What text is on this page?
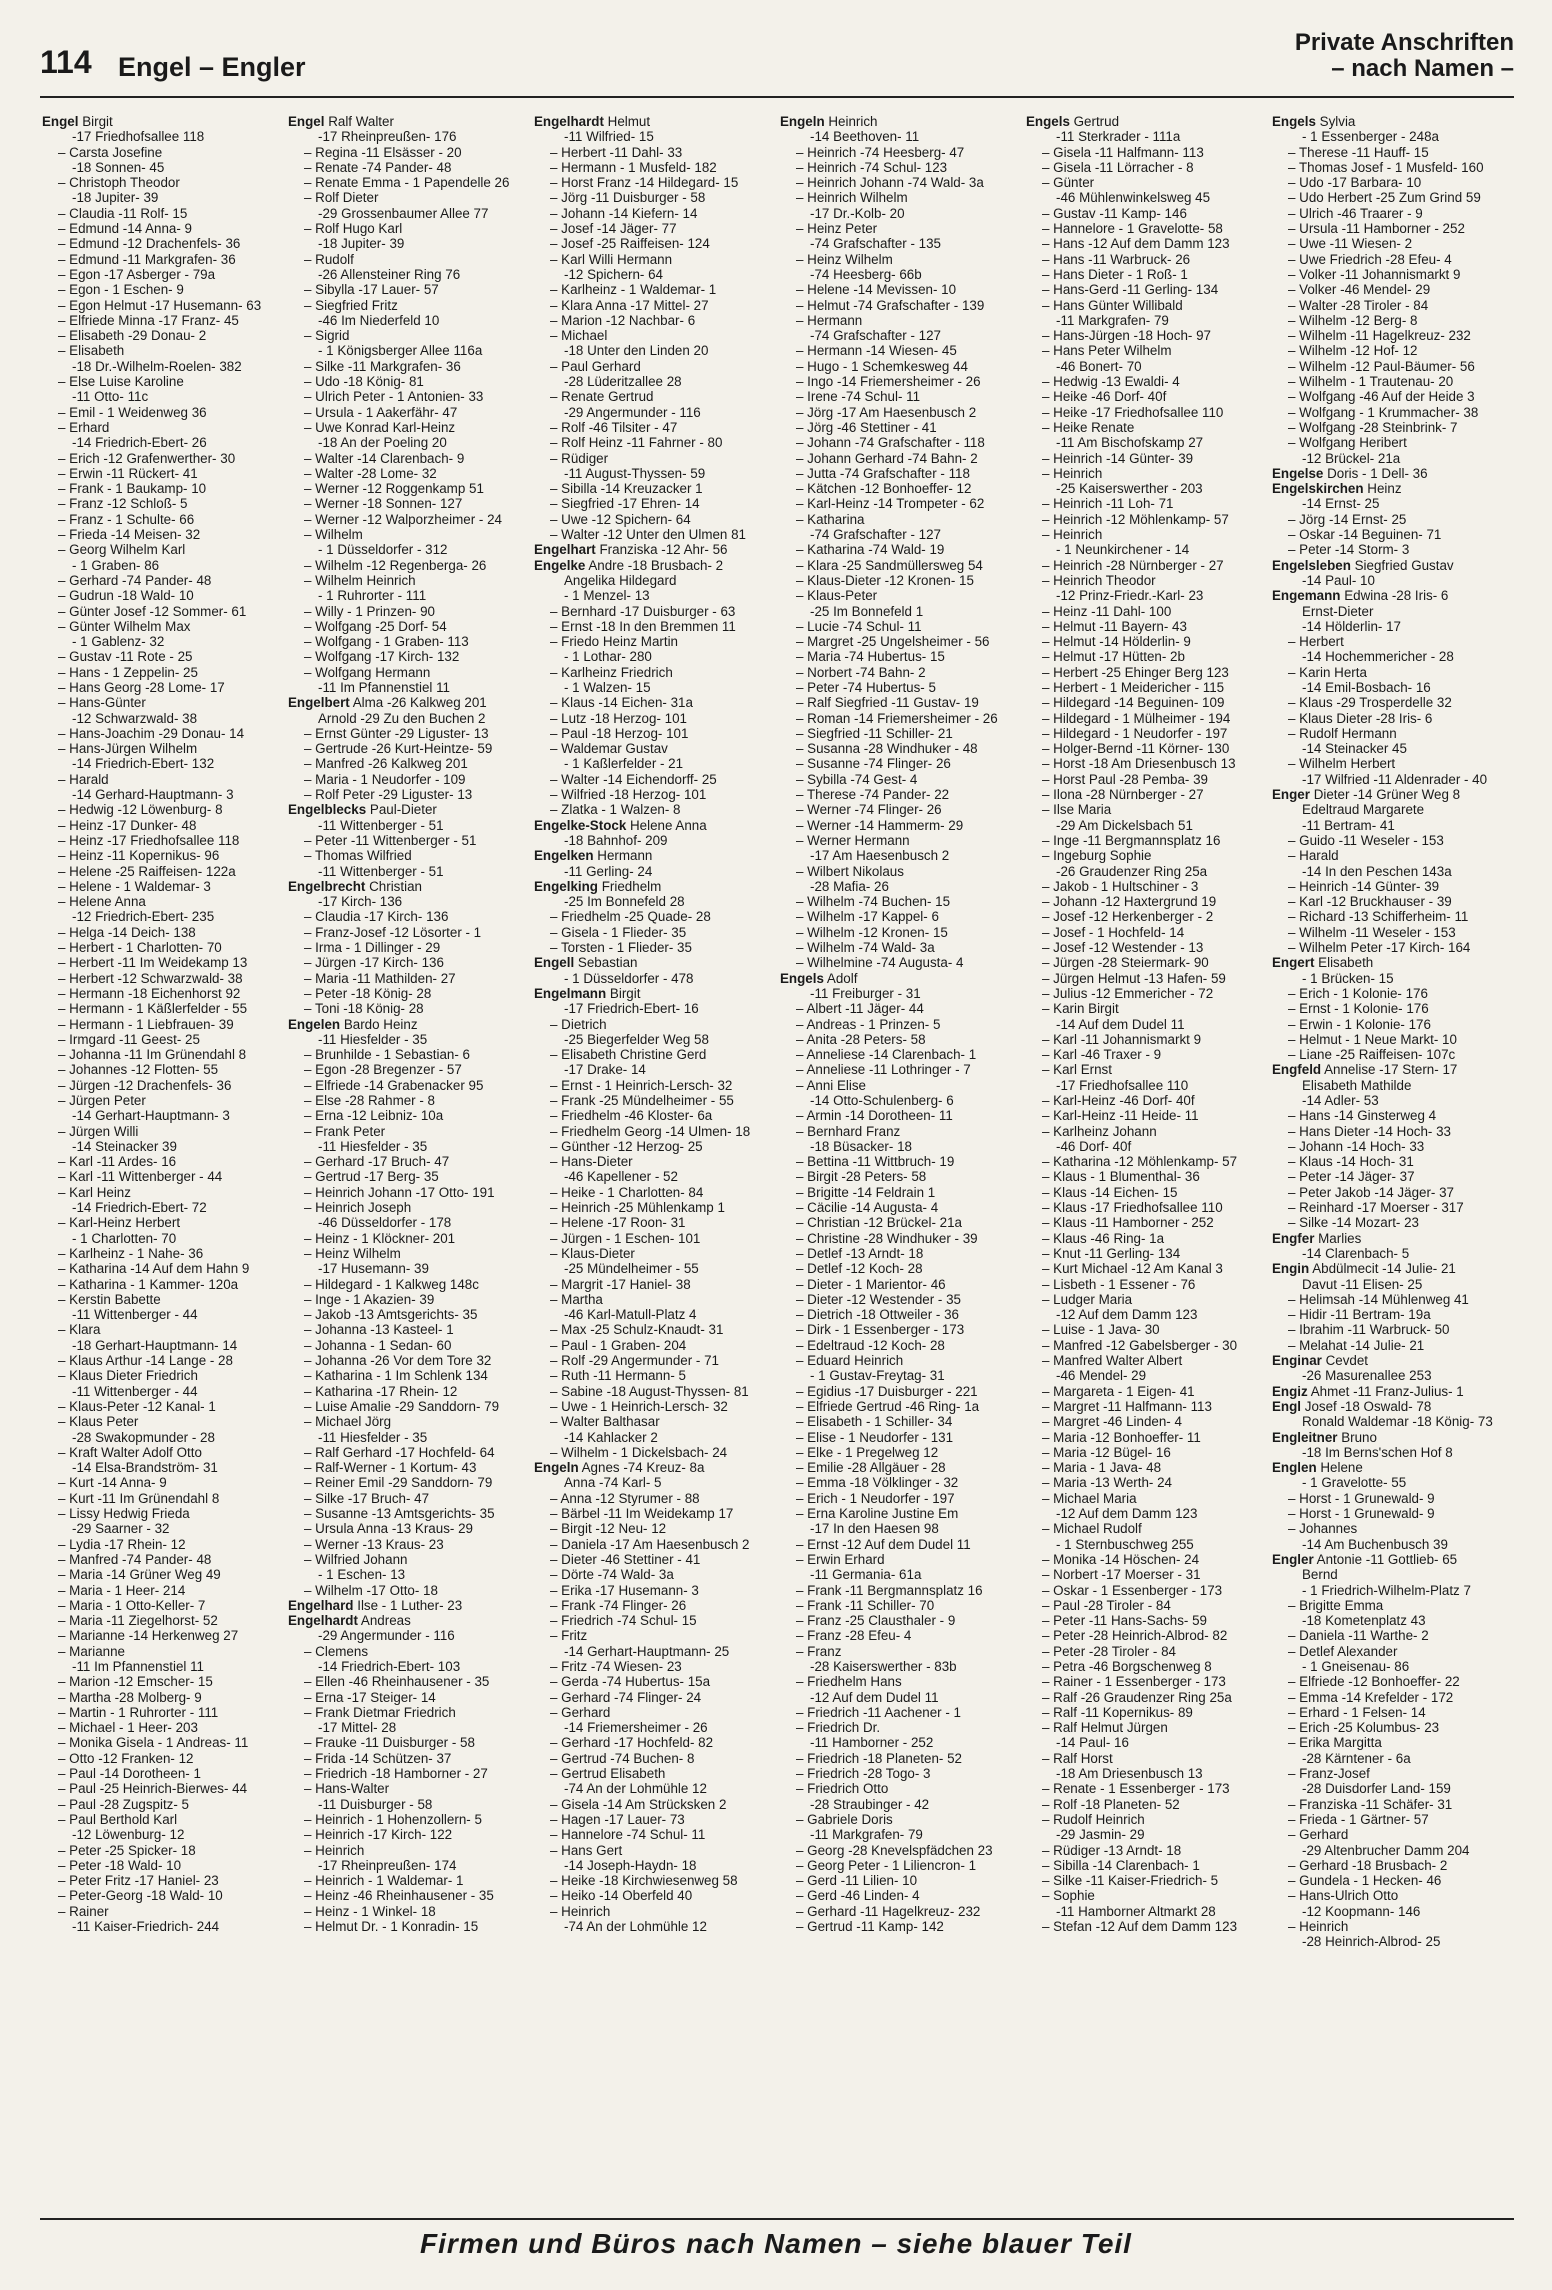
114 Engel – Engler
Private Anschriften
– nach Namen –
Engel Birgit
-17 Friedhofsallee 118
– Carsta Josefine
-18 Sonnen- 45
– Christoph Theodor
-18 Jupiter- 39
– Claudia -11 Rolf- 15
– Edmund -14 Anna- 9
– Edmund -12 Drachenfels- 36
– Edmund -11 Markgrafen- 36
– Egon -17 Asberger - 79a
– Egon - 1 Eschen- 9
– Egon Helmut -17 Husemann- 63
– Elfriede Minna -17 Franz- 45
– Elisabeth -29 Donau- 2
– Elisabeth
-18 Dr.-Wilhelm-Roelen- 382
– Else Luise Karoline
-11 Otto- 11c
– Emil - 1 Weidenweg 36
– Erhard
-14 Friedrich-Ebert- 26
– Erich -12 Grafenwerther- 30
– Erwin -11 Rückert- 41
– Frank - 1 Baukamp- 10
– Franz -12 Schloß- 5
– Franz - 1 Schulte- 66
– Frieda -14 Meisen- 32
– Georg Wilhelm Karl
- 1 Graben- 86
– Gerhard -74 Pander- 48
– Gudrun -18 Wald- 10
– Günter Josef -12 Sommer- 61
– Günter Wilhelm Max
- 1 Gablenz- 32
– Gustav -11 Rote - 25
– Hans - 1 Zeppelin- 25
– Hans Georg -28 Lome- 17
– Hans-Günter
-12 Schwarzwald- 38
– Hans-Joachim -29 Donau- 14
– Hans-Jürgen Wilhelm
-14 Friedrich-Ebert- 132
– Harald
-14 Gerhard-Hauptmann- 3
– Hedwig -12 Löwenburg- 8
– Heinz -17 Dunker- 48
– Heinz -17 Friedhofsallee 118
– Heinz -11 Kopernikus- 96
– Helene -25 Raiffeisen- 122a
– Helene - 1 Waldemar- 3
– Helene Anna
-12 Friedrich-Ebert- 235
– Helga -14 Deich- 138
– Herbert - 1 Charlotten- 70
– Herbert -11 Im Weidekamp 13
– Herbert -12 Schwarzwald- 38
– Hermann -18 Eichenhorst 92
– Hermann - 1 Käßlerfelder - 55
– Hermann - 1 Liebfrauen- 39
– Irmgard -11 Geest- 25
– Johanna -11 Im Grünendahl 8
– Johannes -12 Flotten- 55
– Jürgen -12 Drachenfels- 36
– Jürgen Peter
-14 Gerhart-Hauptmann- 3
– Jürgen Willi
-14 Steinacker 39
– Karl -11 Ardes- 16
– Karl -11 Wittenberger - 44
– Karl Heinz
-14 Friedrich-Ebert- 72
– Karl-Heinz Herbert
- 1 Charlotten- 70
– Karlheinz - 1 Nahe- 36
– Katharina -14 Auf dem Hahn 9
– Katharina - 1 Kammer- 120a
– Kerstin Babette
-11 Wittenberger - 44
– Klara
-18 Gerhart-Hauptmann- 14
– Klaus Arthur -14 Lange - 28
– Klaus Dieter Friedrich
-11 Wittenberger - 44
– Klaus-Peter -12 Kanal- 1
– Klaus Peter
-28 Swakopmunder - 28
– Kraft Walter Adolf Otto
-14 Elsa-Brandström- 31
– Kurt -14 Anna- 9
– Kurt -11 Im Grünendahl 8
– Lissy Hedwig Frieda
-29 Saarner - 32
– Lydia -17 Rhein- 12
– Manfred -74 Pander- 48
– Maria -14 Grüner Weg 49
– Maria - 1 Heer- 214
– Maria - 1 Otto-Keller- 7
– Maria -11 Ziegelhorst- 52
– Marianne -14 Herkenweg 27
– Marianne
-11 Im Pfannenstiel 11
– Marion -12 Emscher- 15
– Martha -28 Molberg- 9
– Martin - 1 Ruhrorter - 111
– Michael - 1 Heer- 203
– Monika Gisela - 1 Andreas- 11
– Otto -12 Franken- 12
– Paul -14 Dorotheen- 1
– Paul -25 Heinrich-Bierwes- 44
– Paul -28 Zugspitz- 5
– Paul Berthold Karl
-12 Löwenburg- 12
– Peter -25 Spicker- 18
– Peter -18 Wald- 10
– Peter Fritz -17 Haniel- 23
– Peter-Georg -18 Wald- 10
– Rainer
-11 Kaiser-Friedrich- 244
Engel Ralf Walter
-17 Rheinpreußen- 176
– Regina -11 Elsässer - 20
– Renate -74 Pander- 48
– Renate Emma - 1 Papendelle 26
– Rolf Dieter
-29 Grossenbaumer Allee 77
– Rolf Hugo Karl
-18 Jupiter- 39
– Rudolf
-26 Allensteiner Ring 76
– Sibylla -17 Lauer- 57
– Siegfried Fritz
-46 Im Niederfeld 10
– Sigrid
- 1 Königsberger Allee 116a
– Silke -11 Markgrafen- 36
– Udo -18 König- 81
– Ulrich Peter - 1 Antonien- 33
– Ursula - 1 Aakerfähr- 47
– Uwe Konrad Karl-Heinz
-18 An der Poeling 20
– Walter -14 Clarenbach- 9
– Walter -28 Lome- 32
– Werner -12 Roggenkamp 51
– Werner -18 Sonnen- 127
– Werner -12 Walporzheimer - 24
– Wilhelm
- 1 Düsseldorfer - 312
– Wilhelm -12 Regenberga- 26
– Wilhelm Heinrich
- 1 Ruhrorter - 111
– Willy - 1 Prinzen- 90
– Wolfgang -25 Dorf- 54
– Wolfgang - 1 Graben- 113
– Wolfgang -17 Kirch- 132
– Wolfgang Hermann
-11 Im Pfannenstiel 11
Engelbert Alma -26 Kalkweg 201
Arnold -29 Zu den Buchen 2
– Ernst Günter -29 Liguster- 13
– Gertrude -26 Kurt-Heintze- 59
– Manfred -26 Kalkweg 201
– Maria - 1 Neudorfer - 109
– Rolf Peter -29 Liguster- 13
Engelblecks Paul-Dieter
-11 Wittenberger - 51
– Peter -11 Wittenberger - 51
– Thomas Wilfried
-11 Wittenberger - 51
Engelbrecht Christian
-17 Kirch- 136
– Claudia -17 Kirch- 136
– Franz-Josef -12 Lösorter - 1
– Irma - 1 Dillinger - 29
– Jürgen -17 Kirch- 136
– Maria -11 Mathilden- 27
– Peter -18 König- 28
– Toni -18 König- 28
Engelen Bardo Heinz
-11 Hiesfelder - 35
– Brunhilde - 1 Sebastian- 6
– Egon -28 Bregenzer - 57
– Elfriede -14 Grabenacker 95
– Else -28 Rahmer - 8
– Erna -12 Leibniz- 10a
– Frank Peter
-11 Hiesfelder - 35
– Gerhard -17 Bruch- 47
– Gertrud -17 Berg- 35
– Heinrich Johann -17 Otto- 191
– Heinrich Joseph
-46 Düsseldorfer - 178
– Heinz - 1 Klöckner- 201
– Heinz Wilhelm
-17 Husemann- 39
– Hildegard - 1 Kalkweg 148c
– Inge - 1 Akazien- 39
– Jakob -13 Amtsgerichts- 35
– Johanna -13 Kasteel- 1
– Johanna - 1 Sedan- 60
– Johanna -26 Vor dem Tore 32
– Katharina - 1 Im Schlenk 134
– Katharina -17 Rhein- 12
– Luise Amalie -29 Sanddorn- 79
– Michael Jörg
-11 Hiesfelder - 35
– Ralf Gerhard -17 Hochfeld- 64
– Ralf-Werner - 1 Kortum- 43
– Reiner Emil -29 Sanddorn- 79
– Silke -17 Bruch- 47
– Susanne -13 Amtsgerichts- 35
– Ursula Anna -13 Kraus- 29
– Werner -13 Kraus- 23
– Wilfried Johann
- 1 Eschen- 13
– Wilhelm -17 Otto- 18
Engelhard Ilse - 1 Luther- 23
Engelhardt Andreas
-29 Angermunder - 116
– Clemens
-14 Friedrich-Ebert- 103
– Ellen -46 Rheinhausener - 35
– Erna -17 Steiger- 14
– Frank Dietmar Friedrich
-17 Mittel- 28
– Frauke -11 Duisburger - 58
– Frida -14 Schützen- 37
– Friedrich -18 Hamborner - 27
– Hans-Walter
-11 Duisburger - 58
– Heinrich - 1 Hohenzollern- 5
– Heinrich -17 Kirch- 122
– Heinrich
-17 Rheinpreußen- 174
– Heinrich - 1 Waldemar- 1
– Heinz -46 Rheinhausener - 35
– Heinz - 1 Winkel- 18
– Helmut Dr. - 1 Konradin- 15
Engelhardt Helmut
-11 Wilfried- 15
– Herbert -11 Dahl- 33
– Hermann - 1 Musfeld- 182
– Horst Franz -14 Hildegard- 15
– Jörg -11 Duisburger - 58
– Johann -14 Kiefern- 14
– Josef -14 Jäger- 77
– Josef -25 Raiffeisen- 124
– Karl Willi Hermann
-12 Spichern- 64
– Karlheinz - 1 Waldemar- 1
– Klara Anna -17 Mittel- 27
– Marion -12 Nachbar- 6
– Michael
-18 Unter den Linden 20
– Paul Gerhard
-28 Lüderitzallee 28
– Renate Gertrud
-29 Angermunder - 116
– Rolf -46 Tilsiter - 47
– Rolf Heinz -11 Fahrner - 80
– Rüdiger
-11 August-Thyssen- 59
– Sibilla -14 Kreuzacker 1
– Siegfried -17 Ehren- 14
– Uwe -12 Spichern- 64
– Walter -12 Unter den Ulmen 81
Engelhart Franziska -12 Ahr- 56
Engelke Andre -18 Brusbach- 2
Angelika Hildegard
- 1 Menzel- 13
– Bernhard -17 Duisburger - 63
– Ernst -18 In den Bremmen 11
– Friedo Heinz Martin
- 1 Lothar- 280
– Karlheinz Friedrich
- 1 Walzen- 15
– Klaus -14 Eichen- 31a
– Lutz -18 Herzog- 101
– Paul -18 Herzog- 101
– Waldemar Gustav
- 1 Kaßlerfelder - 21
– Walter -14 Eichendorff- 25
– Wilfried -18 Herzog- 101
– Zlatka - 1 Walzen- 8
Engelke-Stock Helene Anna
-18 Bahnhof- 209
Engelken Hermann
-11 Gerling- 24
Engelking Friedhelm
-25 Im Bonnefeld 28
– Friedhelm -25 Quade- 28
– Gisela - 1 Flieder- 35
– Torsten - 1 Flieder- 35
Engell Sebastian
- 1 Düsseldorfer - 478
Engelmann Birgit
-17 Friedrich-Ebert- 16
– Dietrich
-25 Biegerfelder Weg 58
– Elisabeth Christine Gerd
-17 Drake- 14
– Ernst - 1 Heinrich-Lersch- 32
– Frank -25 Mündelheimer - 55
– Friedhelm -46 Kloster- 6a
– Friedhelm Georg -14 Ulmen- 18
– Günther -12 Herzog- 25
– Hans-Dieter
-46 Kapellener - 52
– Heike - 1 Charlotten- 84
– Heinrich -25 Mühlenkamp 1
– Helene -17 Roon- 31
– Jürgen - 1 Eschen- 101
– Klaus-Dieter
-25 Mündelheimer - 55
– Margrit -17 Haniel- 38
– Martha
-46 Karl-Matull-Platz 4
– Max -25 Schulz-Knaudt- 31
– Paul - 1 Graben- 204
– Rolf -29 Angermunder - 71
– Ruth -11 Hermann- 5
– Sabine -18 August-Thyssen- 81
– Uwe - 1 Heinrich-Lersch- 32
– Walter Balthasar
-14 Kahlacker 2
– Wilhelm - 1 Dickelsbach- 24
Engeln Agnes -74 Kreuz- 8a
Anna -74 Karl- 5
– Anna -12 Styrumer - 88
– Bärbel -11 Im Weidekamp 17
– Birgit -12 Neu- 12
– Daniela -17 Am Haesenbusch 2
– Dieter -46 Stettiner - 41
– Dörte -74 Wald- 3a
– Erika -17 Husemann- 3
– Frank -74 Flinger- 26
– Friedrich -74 Schul- 15
– Fritz
-14 Gerhart-Hauptmann- 25
– Fritz -74 Wiesen- 23
– Gerda -74 Hubertus- 15a
– Gerhard -74 Flinger- 24
– Gerhard
-14 Friemersheimer - 26
– Gerhard -17 Hochfeld- 82
– Gertrud -74 Buchen- 8
– Gertrud Elisabeth
-74 An der Lohmühle 12
– Gisela -14 Am Strücksken 2
– Hagen -17 Lauer- 73
– Hannelore -74 Schul- 11
– Hans Gert
-14 Joseph-Haydn- 18
– Heike -18 Kirchwiesenweg 58
– Heiko -14 Oberfeld 40
– Heinrich
-74 An der Lohmühle 12
Engeln Heinrich
-14 Beethoven- 11
– Heinrich -74 Heesberg- 47
– Heinrich -74 Schul- 123
– Heinrich Johann -74 Wald- 3a
– Heinrich Wilhelm
-17 Dr.-Kolb- 20
– Heinz Peter
-74 Grafschafter - 135
– Heinz Wilhelm
-74 Heesberg- 66b
– Helene -14 Mevissen- 10
– Helmut -74 Grafschafter - 139
– Hermann
-74 Grafschafter - 127
– Hermann -14 Wiesen- 45
– Hugo - 1 Schemkesweg 44
– Ingo -14 Friemersheimer - 26
– Irene -74 Schul- 11
– Jörg -17 Am Haesenbusch 2
– Jörg -46 Stettiner - 41
– Johann -74 Grafschafter - 118
– Johann Gerhard -74 Bahn- 2
– Jutta -74 Grafschafter - 118
– Kätchen -12 Bonhoeffer- 12
– Karl-Heinz -14 Trompeter - 62
– Katharina
-74 Grafschafter - 127
– Katharina -74 Wald- 19
– Klara -25 Sandmüllersweg 54
– Klaus-Dieter -12 Kronen- 15
– Klaus-Peter
-25 Im Bonnefeld 1
– Lucie -74 Schul- 11
– Margret -25 Ungelsheimer - 56
– Maria -74 Hubertus- 15
– Norbert -74 Bahn- 2
– Peter -74 Hubertus- 5
– Ralf Siegfried -11 Gustav- 19
– Roman -14 Friemersheimer - 26
– Siegfried -11 Schiller- 21
– Susanna -28 Windhuker - 48
– Susanne -74 Flinger- 26
– Sybilla -74 Gest- 4
– Therese -74 Pander- 22
– Werner -74 Flinger- 26
– Werner -14 Hammerm- 29
– Werner Hermann
-17 Am Haesenbusch 2
– Wilbert Nikolaus
-28 Mafia- 26
– Wilhelm -74 Buchen- 15
– Wilhelm -17 Kappel- 6
– Wilhelm -12 Kronen- 15
– Wilhelm -74 Wald- 3a
– Wilhelmine -74 Augusta- 4
Engels Adolf
-11 Freiburger - 31
– Albert -11 Jäger- 44
– Andreas - 1 Prinzen- 5
– Anita -28 Peters- 58
– Anneliese -14 Clarenbach- 1
– Anneliese -11 Lothringer - 7
– Anni Elise
-14 Otto-Schulenberg- 6
– Armin -14 Dorotheen- 11
– Bernhard Franz
-18 Büsacker- 18
– Bettina -11 Wittbruch- 19
– Birgit -28 Peters- 58
– Brigitte -14 Feldrain 1
– Cäcilie -14 Augusta- 4
– Christian -12 Brückel- 21a
– Christine -28 Windhuker - 39
– Detlef -13 Arndt- 18
– Detlef -12 Koch- 28
– Dieter - 1 Marientor- 46
– Dieter -12 Westender - 35
– Dietrich -18 Ottweiler - 36
– Dirk - 1 Essenberger - 173
– Edeltraud -12 Koch- 28
– Eduard Heinrich
- 1 Gustav-Freytag- 31
– Egidius -17 Duisburger - 221
– Elfriede Gertrud -46 Ring- 1a
– Elisabeth - 1 Schiller- 34
– Elise - 1 Neudorfer - 131
– Elke - 1 Pregelweg 12
– Emilie -28 Allgäuer - 28
– Emma -18 Völklinger - 32
– Erich - 1 Neudorfer - 197
– Erna Karoline Justine Em
-17 In den Haesen 98
– Ernst -12 Auf dem Dudel 11
– Erwin Erhard
-11 Germania- 61a
– Frank -11 Bergmannsplatz 16
– Frank -11 Schiller- 70
– Franz -25 Clausthaler - 9
– Franz -28 Efeu- 4
– Franz
-28 Kaiserswerther - 83b
– Friedhelm Hans
-12 Auf dem Dudel 11
– Friedrich -11 Aachener - 1
– Friedrich Dr.
-11 Hamborner - 252
– Friedrich -18 Planeten- 52
– Friedrich -28 Togo- 3
– Friedrich Otto
-28 Straubinger - 42
– Gabriele Doris
-11 Markgrafen- 79
– Georg -28 Knevelspfädchen 23
– Georg Peter - 1 Liliencron- 1
– Gerd -11 Lilien- 10
– Gerd -46 Linden- 4
– Gerhard -11 Hagelkreuz- 232
– Gertrud -11 Kamp- 142
Engels Gertrud
-11 Sterkrader - 111a
– Gisela -11 Halfmann- 113
– Gisela -11 Lörracher - 8
– Günter
-46 Mühlenwinkelsweg 45
– Gustav -11 Kamp- 146
– Hannelore - 1 Gravelotte- 58
– Hans -12 Auf dem Damm 123
– Hans -11 Warbruck- 26
– Hans Dieter - 1 Roß- 1
– Hans-Gerd -11 Gerling- 134
– Hans Günter Willibald
-11 Markgrafen- 79
– Hans-Jürgen -18 Hoch- 97
– Hans Peter Wilhelm
-46 Bonert- 70
– Hedwig -13 Ewaldi- 4
– Heike -46 Dorf- 40f
– Heike -17 Friedhofsallee 110
– Heike Renate
-11 Am Bischofskamp 27
– Heinrich -14 Günter- 39
– Heinrich
-25 Kaiserswerther - 203
– Heinrich -11 Loh- 71
– Heinrich -12 Möhlenkamp- 57
– Heinrich
- 1 Neunkirchener - 14
– Heinrich -28 Nürnberger - 27
– Heinrich Theodor
-12 Prinz-Friedr.-Karl- 23
– Heinz -11 Dahl- 100
– Helmut -11 Bayern- 43
– Helmut -14 Hölderlin- 9
– Helmut -17 Hütten- 2b
– Herbert -25 Ehinger Berg 123
– Herbert - 1 Meidericher - 115
– Hildegard -14 Beguinen- 109
– Hildegard - 1 Mülheimer - 194
– Hildegard - 1 Neudorfer - 197
– Holger-Bernd -11 Körner- 130
– Horst -18 Am Driesenbusch 13
– Horst Paul -28 Pemba- 39
– Ilona -28 Nürnberger - 27
– Ilse Maria
-29 Am Dickelsbach 51
– Inge -11 Bergmannsplatz 16
– Ingeburg Sophie
-26 Graudenzer Ring 25a
– Jakob - 1 Hultschiner - 3
– Johann -12 Haxtergrund 19
– Josef -12 Herkenberger - 2
– Josef - 1 Hochfeld- 14
– Josef -12 Westender - 13
– Jürgen -28 Steiermark- 90
– Jürgen Helmut -13 Hafen- 59
– Julius -12 Emmericher - 72
– Karin Birgit
-14 Auf dem Dudel 11
– Karl -11 Johannismarkt 9
– Karl -46 Traxer - 9
– Karl Ernst
-17 Friedhofsallee 110
– Karl-Heinz -46 Dorf- 40f
– Karl-Heinz -11 Heide- 11
– Karlheinz Johann
-46 Dorf- 40f
– Katharina -12 Möhlenkamp- 57
– Klaus - 1 Blumenthal- 36
– Klaus -14 Eichen- 15
– Klaus -17 Friedhofsallee 110
– Klaus -11 Hamborner - 252
– Klaus -46 Ring- 1a
– Knut -11 Gerling- 134
– Kurt Michael -12 Am Kanal 3
– Lisbeth - 1 Essener - 76
– Ludger Maria
-12 Auf dem Damm 123
– Luise - 1 Java- 30
– Manfred -12 Gabelsberger - 30
– Manfred Walter Albert
-46 Mendel- 29
– Margareta - 1 Eigen- 41
– Margret -11 Halfmann- 113
– Margret -46 Linden- 4
– Maria -12 Bonhoeffer- 11
– Maria -12 Bügel- 16
– Maria - 1 Java- 48
– Maria -13 Werth- 24
– Michael Maria
-12 Auf dem Damm 123
– Michael Rudolf
- 1 Sternbuschweg 255
– Monika -14 Höschen- 24
– Norbert -17 Moerser - 31
– Oskar - 1 Essenberger - 173
– Paul -28 Tiroler - 84
– Peter -11 Hans-Sachs- 59
– Peter -28 Heinrich-Albrod- 82
– Peter -28 Tiroler - 84
– Petra -46 Borgschenweg 8
– Rainer - 1 Essenberger - 173
– Ralf -26 Graudenzer Ring 25a
– Ralf -11 Kopernikus- 89
– Ralf Helmut Jürgen
-14 Paul- 16
– Ralf Horst
-18 Am Driesenbusch 13
– Renate - 1 Essenberger - 173
– Rolf -18 Planeten- 52
– Rudolf Heinrich
-29 Jasmin- 29
– Rüdiger -13 Arndt- 18
– Sibilla -14 Clarenbach- 1
– Silke -11 Kaiser-Friedrich- 5
– Sophie
-11 Hamborner Altmarkt 28
– Stefan -12 Auf dem Damm 123
Engels Sylvia
- 1 Essenberger - 248a
– Therese -11 Hauff- 15
– Thomas Josef - 1 Musfeld- 160
– Udo -17 Barbara- 10
– Udo Herbert -25 Zum Grind 59
– Ulrich -46 Traarer - 9
– Ursula -11 Hamborner - 252
– Uwe -11 Wiesen- 2
– Uwe Friedrich -28 Efeu- 4
– Volker -11 Johannismarkt 9
– Volker -46 Mendel- 29
– Walter -28 Tiroler - 84
– Wilhelm -12 Berg- 8
– Wilhelm -11 Hagelkreuz- 232
– Wilhelm -12 Hof- 12
– Wilhelm -12 Paul-Bäumer- 56
– Wilhelm - 1 Trautenau- 20
– Wolfgang -46 Auf der Heide 3
– Wolfgang - 1 Krummacher- 38
– Wolfgang -28 Steinbrink- 7
– Wolfgang Heribert
-12 Brückel- 21a
Engelse Doris - 1 Dell- 36
Engelskirchen Heinz
-14 Ernst- 25
– Jörg -14 Ernst- 25
– Oskar -14 Beguinen- 71
– Peter -14 Storm- 3
Engelsleben Siegfried Gustav
-14 Paul- 10
Engemann Edwina -28 Iris- 6
Ernst-Dieter
-14 Hölderlin- 17
– Herbert
-14 Hochemmericher - 28
– Karin Herta
-14 Emil-Bosbach- 16
– Klaus -29 Trosperdelle 32
– Klaus Dieter -28 Iris- 6
– Rudolf Hermann
-14 Steinacker 45
– Wilhelm Herbert
-17 Wilfried -11 Aldenrader - 40
Enger Dieter -14 Grüner Weg 8
Edeltraud Margarete
-11 Bertram- 41
– Guido -11 Weseler - 153
– Harald
-14 In den Peschen 143a
– Heinrich -14 Günter- 39
– Karl -12 Bruckhauser - 39
– Richard -13 Schifferheim- 11
– Wilhelm -11 Weseler - 153
– Wilhelm Peter -17 Kirch- 164
Engert Elisabeth
- 1 Brücken- 15
– Erich - 1 Kolonie- 176
– Ernst - 1 Kolonie- 176
– Erwin - 1 Kolonie- 176
– Helmut - 1 Neue Markt- 10
– Liane -25 Raiffeisen- 107c
Engfeld Annelise -17 Stern- 17
Elisabeth Mathilde
-14 Adler- 53
– Hans -14 Ginsterweg 4
– Hans Dieter -14 Hoch- 33
– Johann -14 Hoch- 33
– Klaus -14 Hoch- 31
– Peter -14 Jäger- 37
– Peter Jakob -14 Jäger- 37
– Reinhard -17 Moerser - 317
– Silke -14 Mozart- 23
Engfer Marlies
-14 Clarenbach- 5
Engin Abdülmecit -14 Julie- 21
Davut -11 Elisen- 25
– Helimsah -14 Mühlenweg 41
– Hidir -11 Bertram- 19a
– Ibrahim -11 Warbruck- 50
– Melahat -14 Julie- 21
Enginar Cevdet
-26 Masurenallee 253
Engiz Ahmet -11 Franz-Julius- 1
Engl Josef -18 Oswald- 78
Ronald Waldemar -18 König- 73
Engleitner Bruno
-18 Im Berns'schen Hof 8
Englen Helene
- 1 Gravelotte- 55
– Horst - 1 Grunewald- 9
– Horst - 1 Grunewald- 9
– Johannes
-14 Am Buchenbusch 39
Engler Antonie -11 Gottlieb- 65
Bernd
- 1 Friedrich-Wilhelm-Platz 7
– Brigitte Emma
-18 Kometenplatz 43
– Daniela -11 Warthe- 2
– Detlef Alexander
- 1 Gneisenau- 86
– Elfriede -12 Bonhoeffer- 22
– Emma -14 Krefelder - 172
– Erhard - 1 Felsen- 14
– Erich -25 Kolumbus- 23
– Erika Margitta
-28 Kärntener - 6a
– Franz-Josef
-28 Duisdorfer Land- 159
– Franziska -11 Schäfer- 31
– Frieda - 1 Gärtner- 57
– Gerhard
-29 Altenbrucher Damm 204
– Gerhard -18 Brusbach- 2
– Gundela - 1 Hecken- 46
– Hans-Ulrich Otto
-12 Koopmann- 146
– Heinrich
-28 Heinrich-Albrod- 25
Firmen und Büros nach Namen – siehe blauer Teil
